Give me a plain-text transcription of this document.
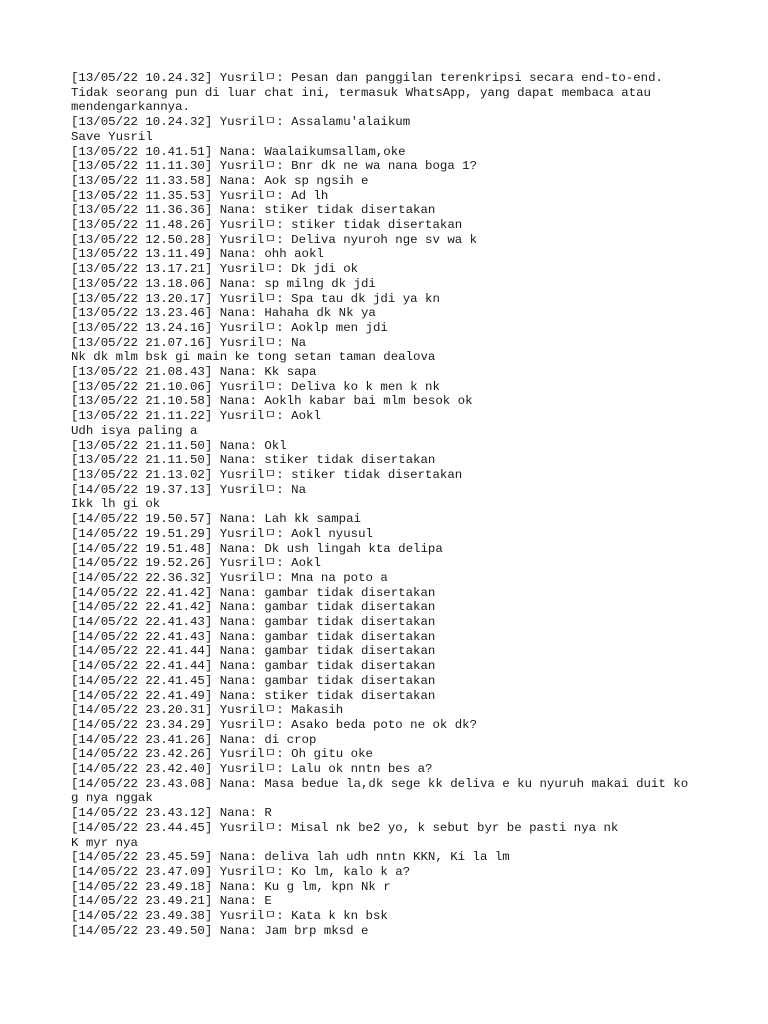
[13/05/22 10.24.32] Yusrilㅁ: Pesan dan panggilan terenkripsi secara end-to-end.
Tidak seorang pun di luar chat ini, termasuk WhatsApp, yang dapat membaca atau
mendengarkannya.
[13/05/22 10.24.32] Yusrilㅁ: Assalamu'alaikum
Save Yusril
[13/05/22 10.41.51] Nana: Waalaikumsallam,oke
[13/05/22 11.11.30] Yusrilㅁ: Bnr dk ne wa nana boga 1?
[13/05/22 11.33.58] Nana: Aok sp ngsih e
[13/05/22 11.35.53] Yusrilㅁ: Ad lh
[13/05/22 11.36.36] Nana: stiker tidak disertakan
[13/05/22 11.48.26] Yusrilㅁ: stiker tidak disertakan
[13/05/22 12.50.28] Yusrilㅁ: Deliva nyuroh nge sv wa k
[13/05/22 13.11.49] Nana: ohh aokl
[13/05/22 13.17.21] Yusrilㅁ: Dk jdi ok
[13/05/22 13.18.06] Nana: sp milng dk jdi
[13/05/22 13.20.17] Yusrilㅁ: Spa tau dk jdi ya kn
[13/05/22 13.23.46] Nana: Hahaha dk Nk ya
[13/05/22 13.24.16] Yusrilㅁ: Aoklp men jdi
[13/05/22 21.07.16] Yusrilㅁ: Na
Nk dk mlm bsk gi main ke tong setan taman dealova
[13/05/22 21.08.43] Nana: Kk sapa
[13/05/22 21.10.06] Yusrilㅁ: Deliva ko k men k nk
[13/05/22 21.10.58] Nana: Aoklh kabar bai mlm besok ok
[13/05/22 21.11.22] Yusrilㅁ: Aokl
Udh isya paling a
[13/05/22 21.11.50] Nana: Okl
[13/05/22 21.11.50] Nana: stiker tidak disertakan
[13/05/22 21.13.02] Yusrilㅁ: stiker tidak disertakan
[14/05/22 19.37.13] Yusrilㅁ: Na
Ikk lh gi ok
[14/05/22 19.50.57] Nana: Lah kk sampai
[14/05/22 19.51.29] Yusrilㅁ: Aokl nyusul
[14/05/22 19.51.48] Nana: Dk ush lingah kta delipa
[14/05/22 19.52.26] Yusrilㅁ: Aokl
[14/05/22 22.36.32] Yusrilㅁ: Mna na poto a
[14/05/22 22.41.42] Nana: gambar tidak disertakan
[14/05/22 22.41.42] Nana: gambar tidak disertakan
[14/05/22 22.41.43] Nana: gambar tidak disertakan
[14/05/22 22.41.43] Nana: gambar tidak disertakan
[14/05/22 22.41.44] Nana: gambar tidak disertakan
[14/05/22 22.41.44] Nana: gambar tidak disertakan
[14/05/22 22.41.45] Nana: gambar tidak disertakan
[14/05/22 22.41.49] Nana: stiker tidak disertakan
[14/05/22 23.20.31] Yusrilㅁ: Makasih
[14/05/22 23.34.29] Yusrilㅁ: Asako beda poto ne ok dk?
[14/05/22 23.41.26] Nana: di crop
[14/05/22 23.42.26] Yusrilㅁ: Oh gitu oke
[14/05/22 23.42.40] Yusrilㅁ: Lalu ok nntn bes a?
[14/05/22 23.43.08] Nana: Masa bedue la,dk sege kk deliva e ku nyuruh makai duit ko
g nya nggak
[14/05/22 23.43.12] Nana: R
[14/05/22 23.44.45] Yusrilㅁ: Misal nk be2 yo, k sebut byr be pasti nya nk
K myr nya
[14/05/22 23.45.59] Nana: deliva lah udh nntn KKN, Ki la lm
[14/05/22 23.47.09] Yusrilㅁ: Ko lm, kalo k a?
[14/05/22 23.49.18] Nana: Ku g lm, kpn Nk r
[14/05/22 23.49.21] Nana: E
[14/05/22 23.49.38] Yusrilㅁ: Kata k kn bsk
[14/05/22 23.49.50] Nana: Jam brp mksd e
